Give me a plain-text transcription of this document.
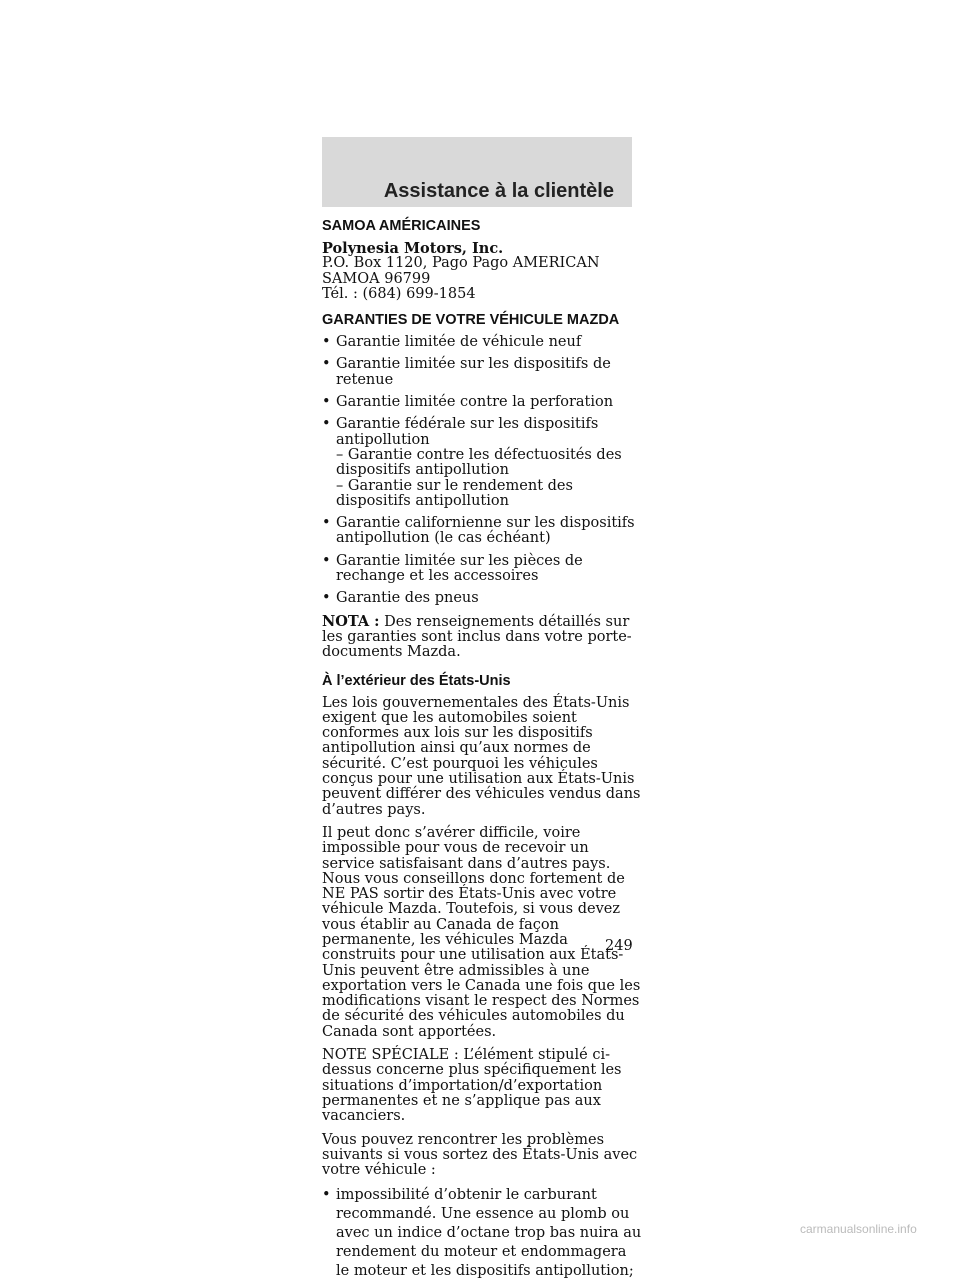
Assistance à la clientèle
SAMOA AMÉRICAINES
Polynesia Motors, Inc.
P.O. Box 1120, Pago Pago AMERICAN SAMOA 96799

Tél. : (684) 699-1854

GARANTIES DE VOTRE VÉHICULE MAZDA
• Garantie limitée de véhicule neuf
• Garantie limitée sur les dispositifs de retenue
• Garantie limitée contre la perforation
• Garantie fédérale sur les dispositifs antipollution
– Garantie contre les défectuosités des dispositifs antipollution
– Garantie sur le rendement des dispositifs antipollution
• Garantie californienne sur les dispositifs antipollution (le cas échéant)
• Garantie limitée sur les pièces de rechange et les accessoires
• Garantie des pneus

NOTA : Des renseignements détaillés sur les garanties sont inclus dans votre porte-documents Mazda.

À l’extérieur des États-Unis

Les lois gouvernementales des États-Unis exigent que les automobiles soient conformes aux lois sur les dispositifs antipollution ainsi qu’aux normes de sécurité. C’est pourquoi les véhicules conçus pour une utilisation aux États-Unis peuvent différer des véhicules vendus dans d’autres pays.

Il peut donc s’avérer difficile, voire impossible pour vous de recevoir un service satisfaisant dans d’autres pays. Nous vous conseillons donc fortement de NE PAS sortir des États-Unis avec votre véhicule Mazda. Toutefois, si vous devez vous établir au Canada de façon permanente, les véhicules Mazda construits pour une utilisation aux États-Unis peuvent être admissibles à une exportation vers le Canada une fois que les modifications visant le respect des Normes de sécurité des véhicules automobiles du Canada sont apportées.

NOTE SPÉCIALE : L’élément stipulé ci-dessus concerne plus spécifiquement les situations d’importation/d’exportation permanentes et ne s’applique pas aux vacanciers.

Vous pouvez rencontrer les problèmes suivants si vous sortez des États-Unis avec votre véhicule :

• impossibilité d’obtenir le carburant recommandé. Une essence au plomb ou avec un indice d’octane trop bas nuira au rendement du moteur et endommagera le moteur et les dispositifs antipollution;
249
carmanualsonline.info
